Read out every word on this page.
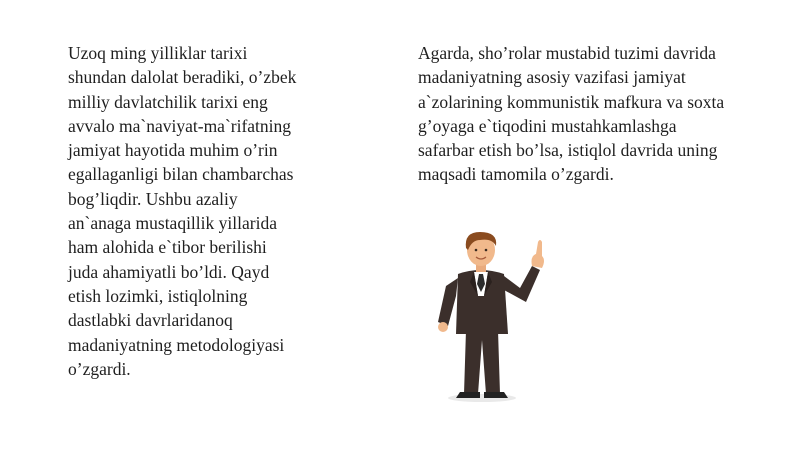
Uzoq ming yilliklar tarixi
shundan dalolat beradiki, o’zbek
milliy davlatchilik tarixi eng
avvalo ma`naviyat-ma`rifatning
jamiyat hayotida muhim o’rin
egallaganligi bilan chambarchas
bog’liqdir. Ushbu azaliy
an`anaga mustaqillik yillarida
ham alohida e`tibor berilishi
juda ahamiyatli bo’ldi. Qayd
etish lozimki, istiqlolning
dastlabki davrlaridanoq
madaniyatning metodologiyasi
o’zgardi.

Agarda, sho’rolar mustabid tuzimi davrida
madaniyatning asosiy vazifasi jamiyat
a`zolarining kommunistik mafkura va soxta
g’oyaga e`tiqodini mustahkamlashga
safarbar etish bo’lsa, istiqlol davrida uning
maqsadi tamomila o’zgardi.
